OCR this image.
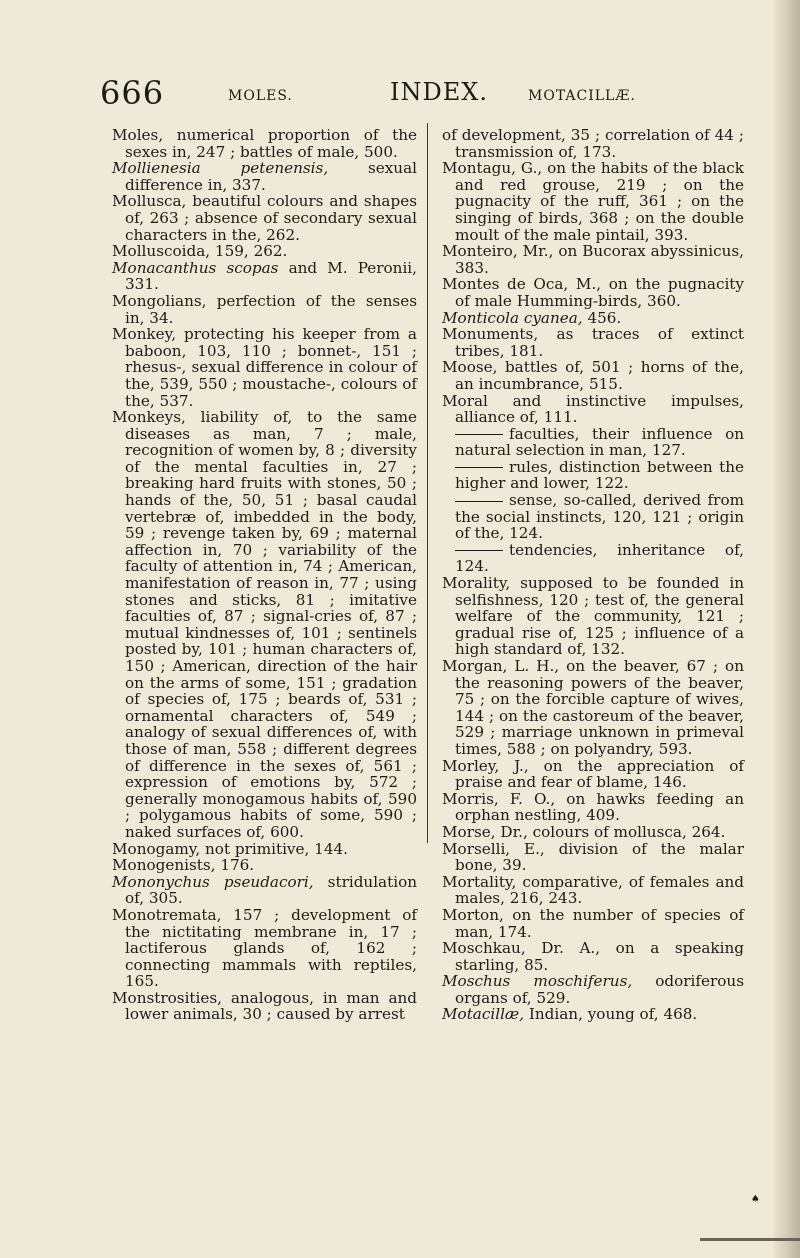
666	MOLES.	INDEX.	MOTACILLÆ.

Moles, numerical proportion of the sexes in, 247 ; battles of male, 500.

Mollienesia petenensis, sexual difference in, 337.

Mollusca, beautiful colours and shapes of, 263 ; absence of secondary sexual characters in the, 262.

Molluscoida, 159, 262.

Monacanthus scopas and M. Peronii, 331.

Mongolians, perfection of the senses in, 34.

Monkey, protecting his keeper from a baboon, 103, 110 ; bonnet-, 151 ; rhesus-, sexual difference in colour of the, 539, 550 ; moustache-, colours of the, 537.

Monkeys, liability of, to the same diseases as man, 7 ; male, recognition of women by, 8 ; diversity of the mental faculties in, 27 ; breaking hard fruits with stones, 50 ; hands of the, 50, 51 ; basal caudal vertebræ of, imbedded in the body, 59 ; revenge taken by, 69 ; maternal affection in, 70 ; variability of the faculty of attention in, 74 ; American, manifestation of reason in, 77 ; using stones and sticks, 81 ; imitative faculties of, 87 ; signal-cries of, 87 ; mutual kindnesses of, 101 ; sentinels posted by, 101 ; human characters of, 150 ; American, direction of the hair on the arms of some, 151 ; gradation of species of, 175 ; beards of, 531 ; ornamental characters of, 549 ; analogy of sexual differences of, with those of man, 558 ; different degrees of difference in the sexes of, 561 ; expression of emotions by, 572 ; generally monogamous habits of, 590 ; polygamous habits of some, 590 ; naked surfaces of, 600.

Monogamy, not primitive, 144.

Monogenists, 176.

Mononychus pseudacori, stridulation of, 305.

Monotremata, 157 ; development of the nictitating membrane in, 17 ; lactiferous glands of, 162 ; connecting mammals with reptiles, 165.

Monstrosities, analogous, in man and lower animals, 30 ; caused by arrest

of development, 35 ; correlation of 44 ; transmission of, 173.

Montagu, G., on the habits of the black and red grouse, 219 ; on the pugnacity of the ruff, 361 ; on the singing of birds, 368 ; on the double moult of the male pintail, 393.

Monteiro, Mr., on Bucorax abyssinicus, 383.

Montes de Oca, M., on the pugnacity of male Humming-birds, 360.

Monticola cyanea, 456.

Monuments, as traces of extinct tribes, 181.

Moose, battles of, 501 ; horns of the, an incumbrance, 515.

Moral and instinctive impulses, alliance of, 111.

faculties, their influence on natural selection in man, 127.

rules, distinction between the higher and lower, 122.

sense, so-called, derived from the social instincts, 120, 121 ; origin of the, 124.

tendencies, inheritance of, 124.

Morality, supposed to be founded in selfishness, 120 ; test of, the general welfare of the community, 121 ; gradual rise of, 125 ; influence of a high standard of, 132.

Morgan, L. H., on the beaver, 67 ; on the reasoning powers of the beaver, 75 ; on the forcible capture of wives, 144 ; on the castoreum of the beaver, 529 ; marriage unknown in primeval times, 588 ; on polyandry, 593.

Morley, J., on the appreciation of praise and fear of blame, 146.

Morris, F. O., on hawks feeding an orphan nestling, 409.

Morse, Dr., colours of mollusca, 264.

Morselli, E., division of the malar bone, 39.

Mortality, comparative, of females and males, 216, 243.

Morton, on the number of species of man, 174.

Moschkau, Dr. A., on a speaking starling, 85.

Moschus moschiferus, odoriferous organs of, 529.

Motacillæ, Indian, young of, 468.

♠
